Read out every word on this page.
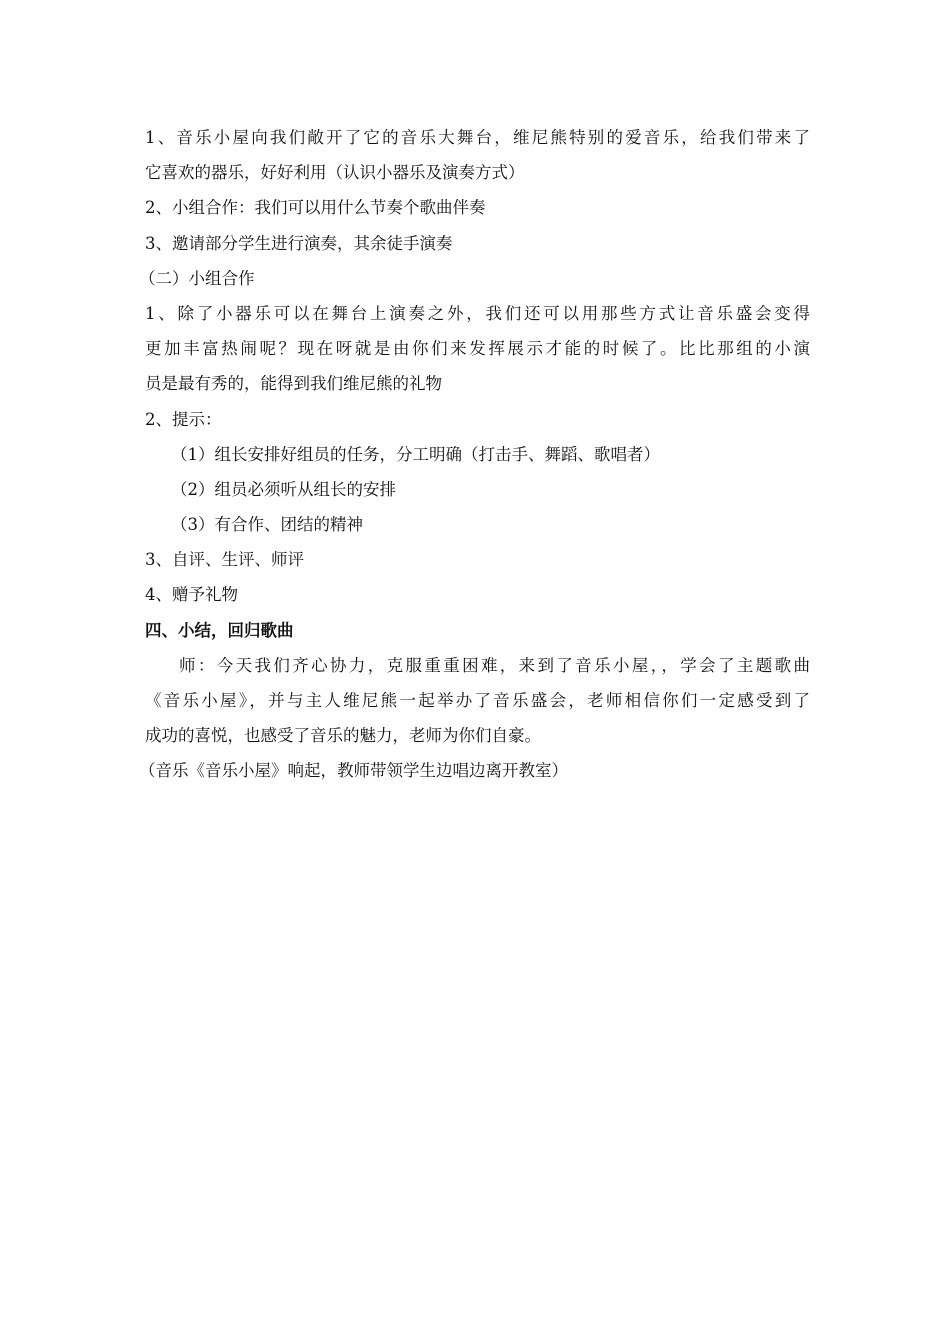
1、音乐小屋向我们敞开了它的音乐大舞台，维尼熊特别的爱音乐，给我们带来了
它喜欢的器乐，好好利用（认识小器乐及演奏方式）
2、小组合作：我们可以用什么节奏个歌曲伴奏
3、邀请部分学生进行演奏，其余徒手演奏
（二）小组合作
1、除了小器乐可以在舞台上演奏之外，我们还可以用那些方式让音乐盛会变得
更加丰富热闹呢？现在呀就是由你们来发挥展示才能的时候了。比比那组的小演
员是最有秀的，能得到我们维尼熊的礼物
2、提示：
（1）组长安排好组员的任务，分工明确（打击手、舞蹈、歌唱者）
（2）组员必须听从组长的安排
（3）有合作、团结的精神
3、自评、生评、师评
4、赠予礼物
四、小结，回归歌曲
师：今天我们齐心协力，克服重重困难，来到了音乐小屋，，学会了主题歌曲
《音乐小屋》，并与主人维尼熊一起举办了音乐盛会，老师相信你们一定感受到了
成功的喜悦，也感受了音乐的魅力，老师为你们自豪。
（音乐《音乐小屋》响起，教师带领学生边唱边离开教室）
